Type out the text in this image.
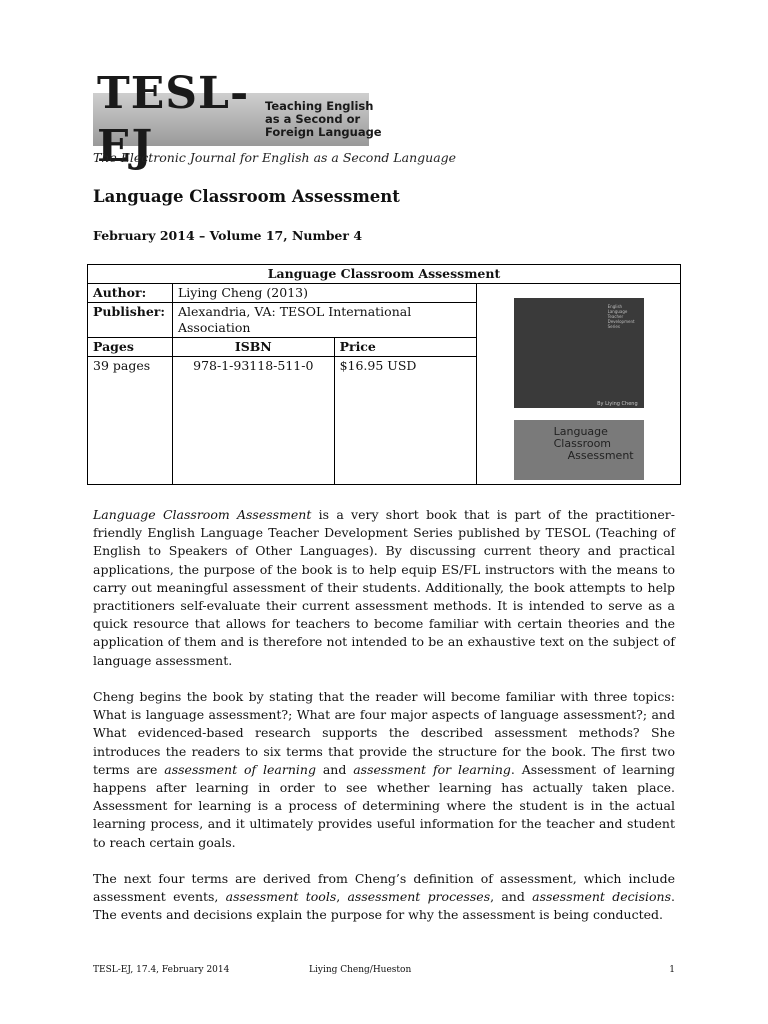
TESL-EJ
Teaching English
as a Second or
Foreign Language
The Electronic Journal for English as a Second Language
Language Classroom Assessment
February 2014 – Volume 17, Number 4
Language Classroom Assessment			
Author:	Liying Cheng (2013)		English Language Teacher Development Series
By Liying Cheng
Language
Classroom
Assessment

Publisher:	Alexandria, VA: TESOL International Association		
Pages	ISBN	Price	
39 pages	978-1-93118-511-0	$16.95 USD	

Language Classroom Assessment is a very short book that is part of the practitioner-friendly English Language Teacher Development Series published by TESOL (Teaching of English to Speakers of Other Languages). By discussing current theory and practical applications, the purpose of the book is to help equip ES/FL instructors with the means to carry out meaningful assessment of their students. Additionally, the book attempts to help practitioners self-evaluate their current assessment methods. It is intended to serve as a quick resource that allows for teachers to become familiar with certain theories and the application of them and is therefore not intended to be an exhaustive text on the subject of language assessment.

Cheng begins the book by stating that the reader will become familiar with three topics: What is language assessment?; What are four major aspects of language assessment?; and What evidenced-based research supports the described assessment methods? She introduces the readers to six terms that provide the structure for the book. The first two terms are assessment of learning and assessment for learning. Assessment of learning happens after learning in order to see whether learning has actually taken place. Assessment for learning is a process of determining where the student is in the actual learning process, and it ultimately provides useful information for the teacher and student to reach certain goals.

The next four terms are derived from Cheng’s definition of assessment, which include assessment events, assessment tools, assessment processes, and assessment decisions. The events and decisions explain the purpose for why the assessment is being conducted.

TESL-EJ, 17.4, February 2014	Liying Cheng/Hueston	1
